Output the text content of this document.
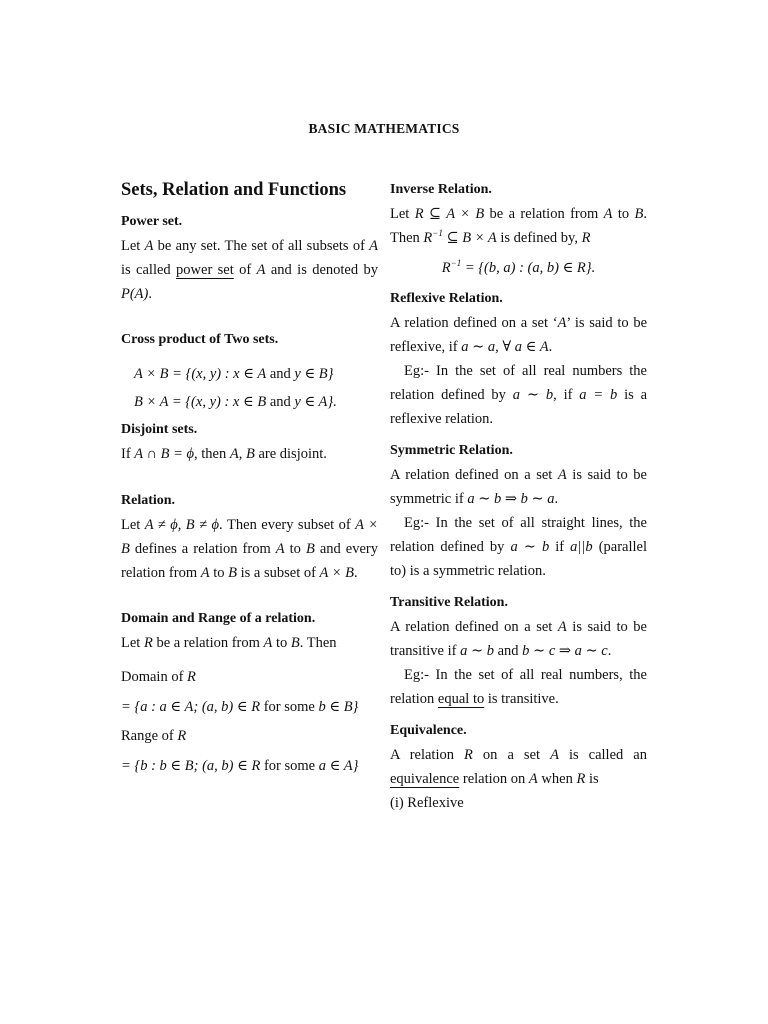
BASIC MATHEMATICS
Sets, Relation and Functions
Power set.
Let A be any set. The set of all subsets of A is called power set of A and is denoted by P(A).
Cross product of Two sets.
A × B = {(x, y) : x ∈ A and y ∈ B}
B × A = {(x, y) : x ∈ B and y ∈ A}.
Disjoint sets.
If A ∩ B = ϕ, then A, B are disjoint.
Relation.
Let A ≠ ϕ, B ≠ ϕ. Then every subset of A × B defines a relation from A to B and every relation from A to B is a subset of A × B.
Domain and Range of a relation.
Let R be a relation from A to B. Then
Domain of R
= {a : a ∈ A; (a, b) ∈ R for some b ∈ B}
Range of R
= {b : b ∈ B; (a, b) ∈ R for some a ∈ A}
Inverse Relation.
Let R ⊆ A × B be a relation from A to B. Then $R^{-1}$ ⊆ B × A is defined by, R
$R^{-1} = \{(b$, a) : (a, b) ∈ R}.
Reflexive Relation.
A relation defined on a set ‘A’ is said to be reflexive, if a ∼ a, ∀ a ∈ A.
Eg:- In the set of all real numbers the relation defined by a ∼ b, if a = b is a reflexive relation.
Symmetric Relation.
A relation defined on a set A is said to be symmetric if a ∼ b ⇒ b ∼ a.
Eg:- In the set of all straight lines, the relation defined by a ∼ b if a||b (parallel to) is a symmetric relation.
Transitive Relation.
A relation defined on a set A is said to be transitive if a ∼ b and b ∼ c ⇒ a ∼ c.
Eg:- In the set of all real numbers, the relation equal to is transitive.
Equivalence.
A relation R on a set A is called an equivalence relation on A when R is
(i) Reflexive
